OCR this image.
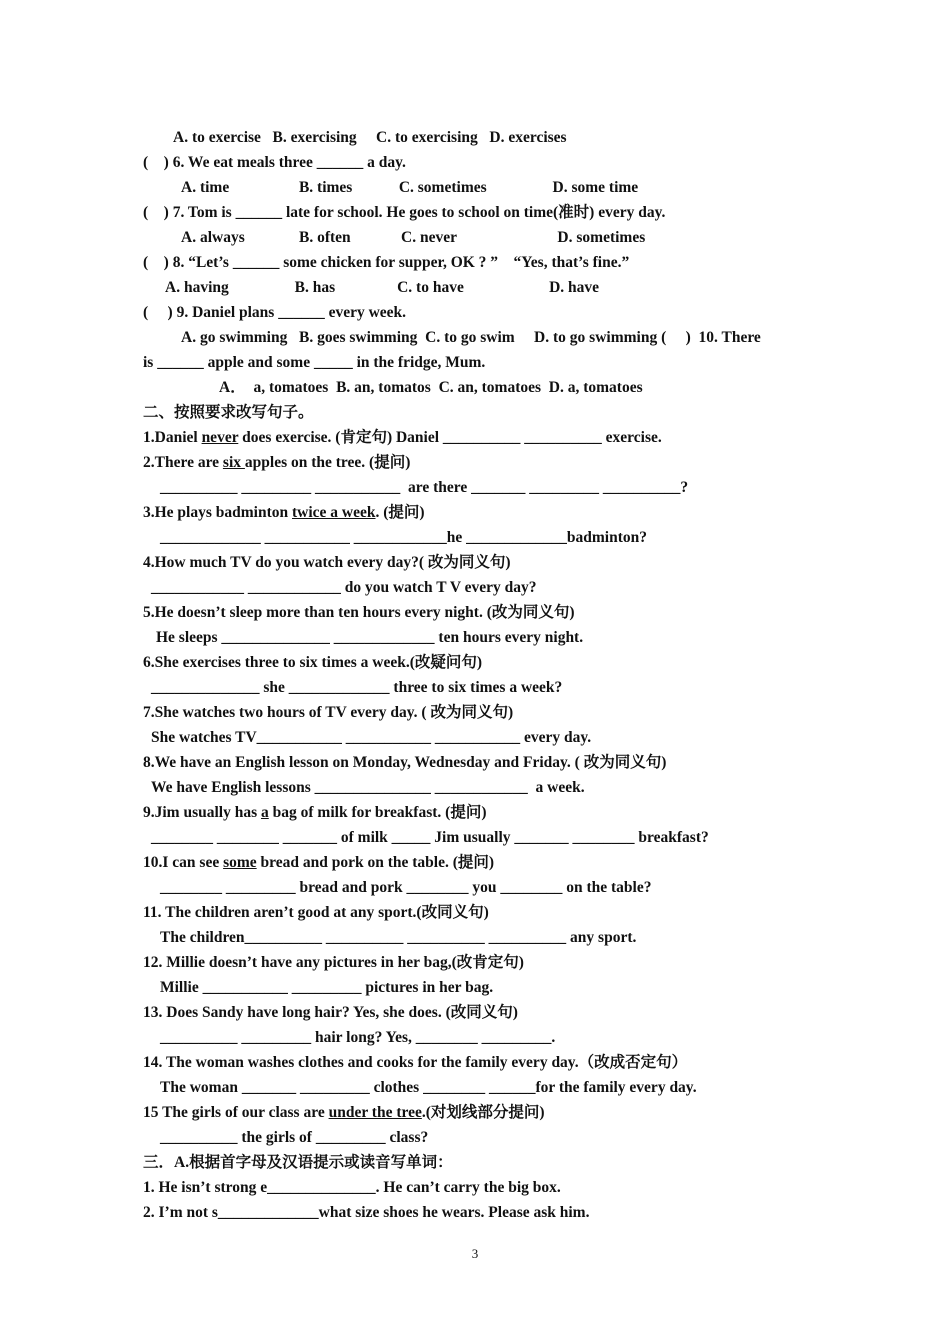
A. to exercise   B. exercising     C. to exercising   D. exercises
(    ) 6. We eat meals three ______ a day.
A. time                  B. times            C. sometimes                 D. some time
(    ) 7. Tom is ______ late for school. He goes to school on time(准时) every day.
A. always              B. often             C. never                          D. sometimes
(    ) 8. “Let’s ______ some chicken for supper, OK ? ”    “Yes, that’s fine.”
A. having                 B. has                C. to have                      D. have
(     ) 9. Daniel plans ______ every week.
A. go swimming   B. goes swimming  C. to go swim     D. to go swimming (     )  10. There
is ______ apple and some _____ in the fridge, Mum.
A．  a, tomatoes  B. an, tomatos  C. an, tomatoes  D. a, tomatoes
二、按照要求改写句子。
1.Daniel never does exercise. (肯定句) Daniel __________ __________ exercise.
2.There are six apples on the tree. (提问)
__________ _________ ___________  are there _______ _________ __________?
3.He plays badminton twice a week. (提问)
_____________ ___________ ____________he _____________badminton?
4.How much TV do you watch every day?( 改为同义句)
____________ ____________ do you watch T V every day?
5.He doesn’t sleep more than ten hours every night. (改为同义句)
He sleeps ______________ _____________ ten hours every night.
6.She exercises three to six times a week.(改疑问句)
______________ she _____________ three to six times a week?
7.She watches two hours of TV every day. ( 改为同义句)
She watches TV___________ ___________ ___________ every day.
8.We have an English lesson on Monday, Wednesday and Friday. ( 改为同义句)
We have English lessons _______________ ____________  a week.
9.Jim usually has a bag of milk for breakfast. (提问)
________ ________ _______ of milk _____ Jim usually _______ ________ breakfast?
10.I can see some bread and pork on the table. (提问)
________ _________ bread and pork ________ you ________ on the table?
11. The children aren’t good at any sport.(改同义句)
The children__________ __________ __________ __________ any sport.
12. Millie doesn’t have any pictures in her bag,(改肯定句)
Millie ___________ _________ pictures in her bag.
13. Does Sandy have long hair? Yes, she does. (改同义句)
__________ _________ hair long? Yes, ________ _________.
14. The woman washes clothes and cooks for the family every day.（改成否定句）
The woman _______ _________ clothes ________ ______for the family every day.
15 The girls of our class are under the tree.(对划线部分提问)
__________ the girls of _________ class?
三．A.根据首字母及汉语提示或读音写单词：
1. He isn’t strong e______________. He can’t carry the big box.
2. I’m not s_____________what size shoes he wears. Please ask him.
3
